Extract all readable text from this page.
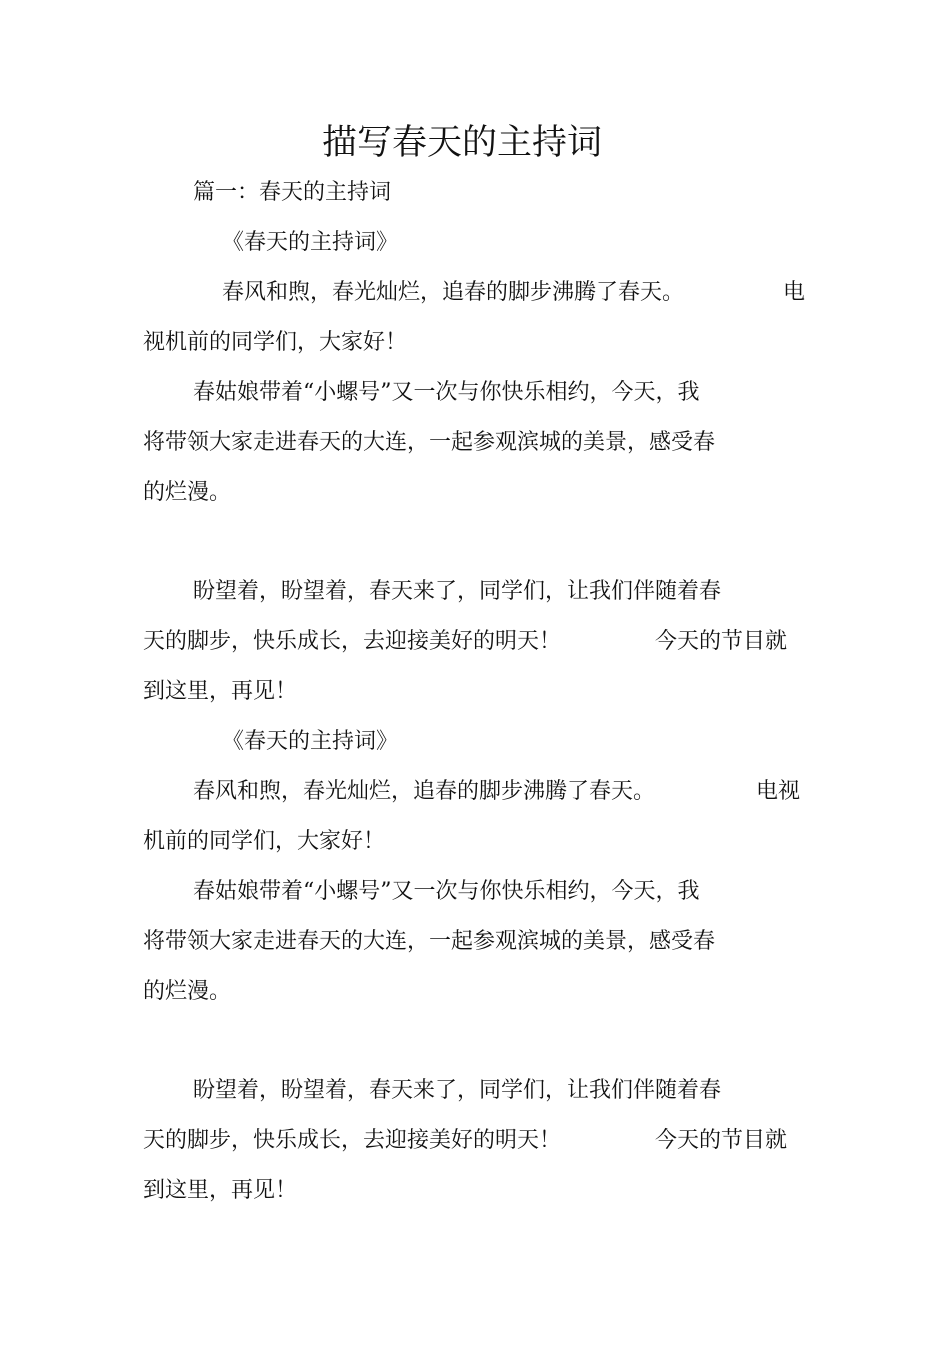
描写春天的主持词
篇一：春天的主持词
《春天的主持词》
春风和煦，春光灿烂，追春的脚步沸腾了春天。	电
视机前的同学们，大家好！
春姑娘带着“小螺号”又一次与你快乐相约，今天，我
将带领大家走进春天的大连，一起参观滨城的美景，感受春
的烂漫。
盼望着，盼望着，春天来了，同学们，让我们伴随着春
天的脚步，快乐成长，去迎接美好的明天！	今天的节目就
到这里，再见！
《春天的主持词》
春风和煦，春光灿烂，追春的脚步沸腾了春天。	电视
机前的同学们，大家好！
春姑娘带着“小螺号”又一次与你快乐相约，今天，我
将带领大家走进春天的大连，一起参观滨城的美景，感受春
的烂漫。
盼望着，盼望着，春天来了，同学们，让我们伴随着春
天的脚步，快乐成长，去迎接美好的明天！	今天的节目就
到这里，再见！
